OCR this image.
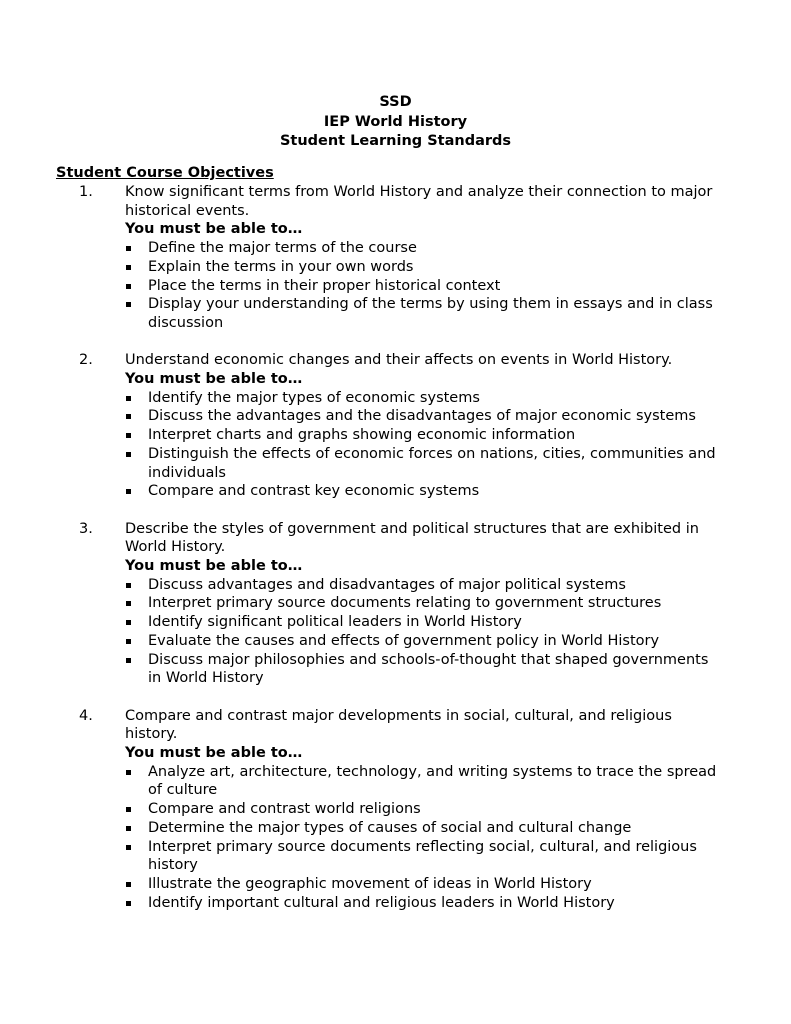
SSD
IEP World History
Student Learning Standards
Student Course Objectives
1. Know significant terms from World History and analyze their connection to major historical events.
You must be able to…
Define the major terms of the course
Explain the terms in your own words
Place the terms in their proper historical context
Display your understanding of the terms by using them in essays and in class discussion
2. Understand economic changes and their affects on events in World History.
You must be able to…
Identify the major types of economic systems
Discuss the advantages and the disadvantages of major economic systems
Interpret charts and graphs showing economic information
Distinguish the effects of economic forces on nations, cities, communities and individuals
Compare and contrast key economic systems
3. Describe the styles of government and political structures that are exhibited in World History.
You must be able to…
Discuss advantages and disadvantages of major political systems
Interpret primary source documents relating to government structures
Identify significant political leaders in World History
Evaluate the causes and effects of government policy in World History
Discuss major philosophies and schools-of-thought that shaped governments in World History
4. Compare and contrast major developments in social, cultural, and religious history.
You must be able to…
Analyze art, architecture, technology, and writing systems to trace the spread of culture
Compare and contrast world religions
Determine the major types of causes of social and cultural change
Interpret primary source documents reflecting social, cultural, and religious history
Illustrate the geographic movement of ideas in World History
Identify important cultural and religious leaders in World History
